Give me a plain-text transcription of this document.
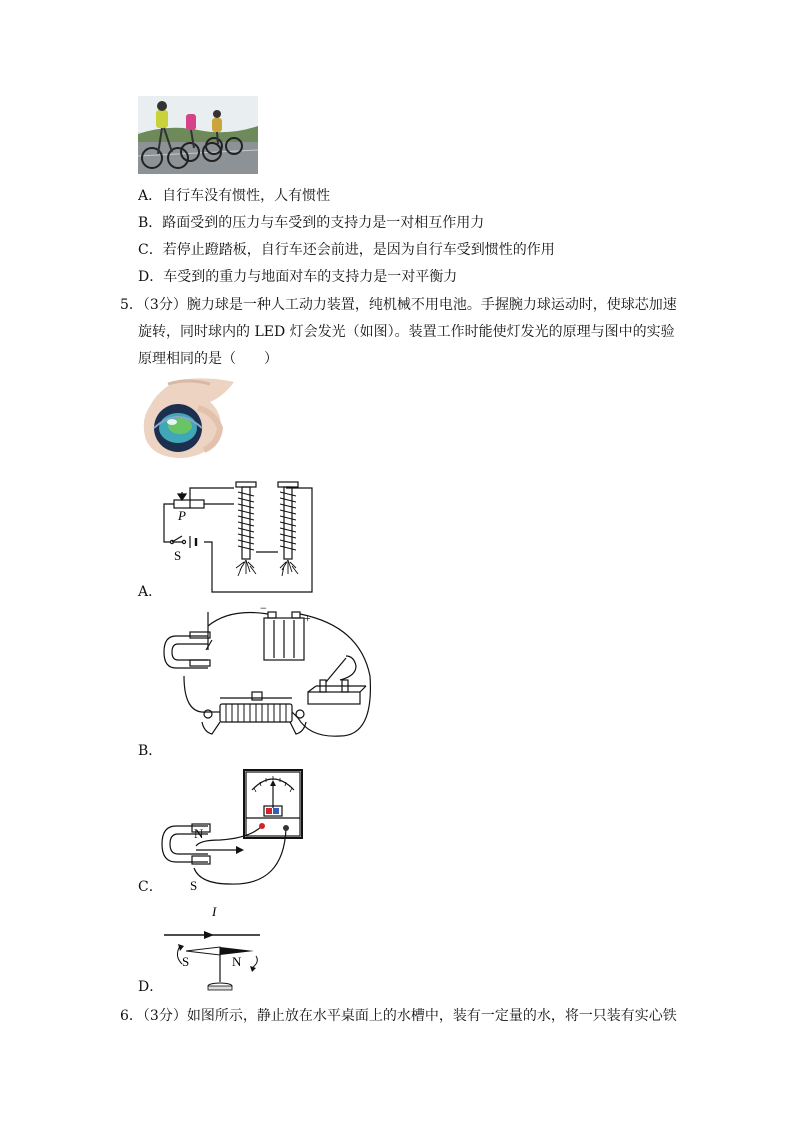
A．自行车没有惯性，人有惯性
B．路面受到的压力与车受到的支持力是一对相互作用力
C．若停止蹬踏板，自行车还会前进，是因为自行车受到惯性的作用
D．车受到的重力与地面对车的支持力是一对平衡力
5．（3分）腕力球是一种人工动力装置，纯机械不用电池。手握腕力球运动时，使球芯加速
旋转，同时球内的 LED 灯会发光（如图）。装置工作时能使灯发光的原理与图中的实验
原理相同的是（　　）
P
S
A．
−
+
B．
N
S
C．
I
S	N
D．
6．（3分）如图所示，静止放在水平桌面上的水槽中，装有一定量的水，将一只装有实心铁
